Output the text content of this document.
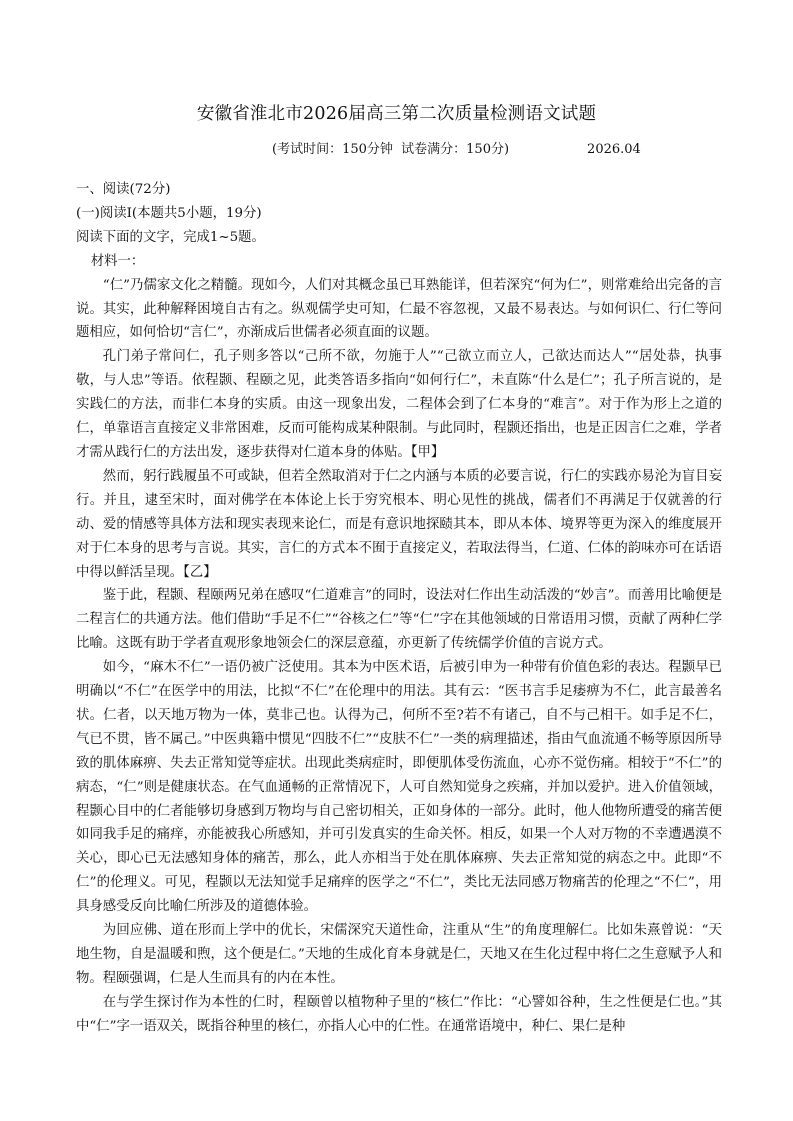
安徽省淮北市2026届高三第二次质量检测语文试题
(考试时间：150分钟  试卷满分：150分)	2026.04

一、阅读(72分)

(一)阅读Ⅰ(本题共5小题，19分)

阅读下面的文字，完成1~5题。

材料一：

“仁”乃儒家文化之精髓。现如今，人们对其概念虽已耳熟能详，但若深究“何为仁”，则常难给出完备的言说。其实，此种解释困境自古有之。纵观儒学史可知，仁最不容忽视，又最不易表达。与如何识仁、行仁等问题相应，如何恰切“言仁”，亦渐成后世儒者必须直面的议题。

孔门弟子常问仁，孔子则多答以“己所不欲，勿施于人”“己欲立而立人，己欲达而达人”“居处恭，执事敬，与人忠”等语。依程颢、程颐之见，此类答语多指向“如何行仁”，未直陈“什么是仁”；孔子所言说的，是实践仁的方法，而非仁本身的实质。由这一现象出发，二程体会到了仁本身的“难言”。对于作为形上之道的仁，单靠语言直接定义非常困难，反而可能构成某种限制。与此同时，程颢还指出，也是正因言仁之难，学者才需从践行仁的方法出发，逐步获得对仁道本身的体贴。【甲】

然而，躬行践履虽不可或缺，但若全然取消对于仁之内涵与本质的必要言说，行仁的实践亦易沦为盲目妄行。并且，逮至宋时，面对佛学在本体论上长于穷究根本、明心见性的挑战，儒者们不再满足于仅就善的行动、爱的情感等具体方法和现实表现来论仁，而是有意识地探赜其本，即从本体、境界等更为深入的维度展开对于仁本身的思考与言说。其实，言仁的方式本不囿于直接定义，若取法得当，仁道、仁体的韵味亦可在话语中得以鲜活呈现。【乙】

鉴于此，程颢、程颐两兄弟在感叹“仁道难言”的同时，设法对仁作出生动活泼的“妙言”。而善用比喻便是二程言仁的共通方法。他们借助“手足不仁”“谷核之仁”等“仁”字在其他领域的日常语用习惯，贡献了两种仁学比喻。这既有助于学者直观形象地领会仁的深层意蕴，亦更新了传统儒学价值的言说方式。

如今，“麻木不仁”一语仍被广泛使用。其本为中医术语，后被引申为一种带有价值色彩的表达。程颢早已明确以“不仁”在医学中的用法，比拟“不仁”在伦理中的用法。其有云：“医书言手足痿痹为不仁，此言最善名状。仁者，以天地万物为一体，莫非己也。认得为己，何所不至?若不有诸己，自不与己相干。如手足不仁，气已不贯，皆不属己。”中医典籍中惯见“四肢不仁”“皮肤不仁”一类的病理描述，指由气血流通不畅等原因所导致的肌体麻痹、失去正常知觉等症状。出现此类病症时，即便肌体受伤流血，心亦不觉伤痛。相较于“不仁”的病态，“仁”则是健康状态。在气血通畅的正常情况下，人可自然知觉身之疾痛，并加以爱护。进入价值领域，程颢心目中的仁者能够切身感到万物均与自己密切相关，正如身体的一部分。此时，他人他物所遭受的痛苦便如同我手足的痛痒，亦能被我心所感知，并可引发真实的生命关怀。相反，如果一个人对万物的不幸遭遇漠不关心，即心已无法感知身体的痛苦，那么，此人亦相当于处在肌体麻痹、失去正常知觉的病态之中。此即“不仁”的伦理义。可见，程颢以无法知觉手足痛痒的医学之“不仁”，类比无法同感万物痛苦的伦理之“不仁”，用具身感受反向比喻仁所涉及的道德体验。

为回应佛、道在形而上学中的优长，宋儒深究天道性命，注重从“生”的角度理解仁。比如朱熹曾说：“天地生物，自是温暖和煦，这个便是仁。”天地的生成化育本身就是仁，天地又在生化过程中将仁之生意赋予人和物。程颐强调，仁是人生而具有的内在本性。

在与学生探讨作为本性的仁时，程颐曾以植物种子里的“核仁”作比：“心譬如谷种，生之性便是仁也。”其中“仁”字一语双关，既指谷种里的核仁，亦指人心中的仁性。在通常语境中，种仁、果仁是种
